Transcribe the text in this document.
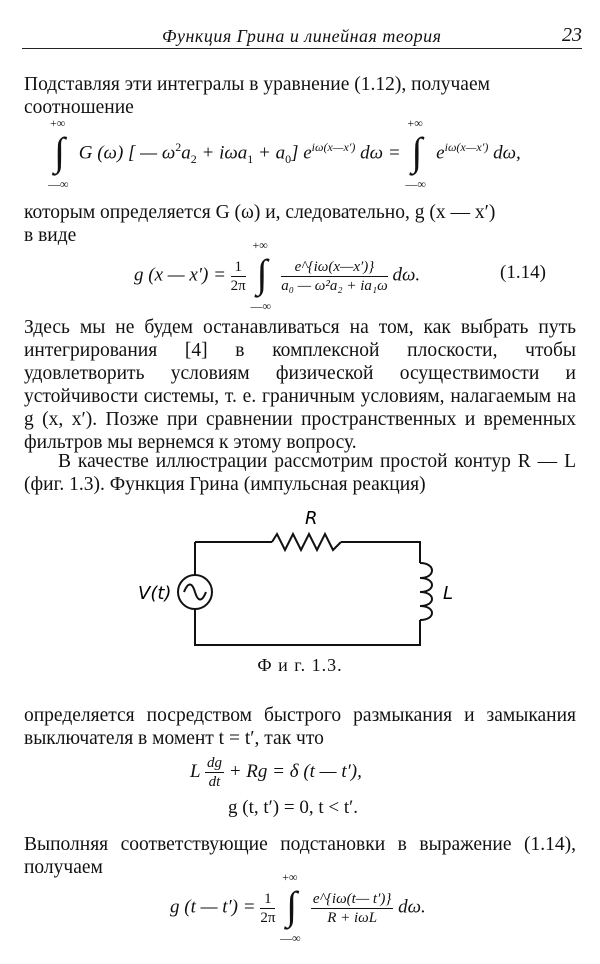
Функция Грина и линейная теория	23
Подставляя эти интегралы в уравнение (1.12), получаем
соотношение
+∞
∫
—∞
G (ω) [ — $\omega^2a_2 + i\omega a_1 + a_0$] $e^{i\omega(x—x')}$ dω =
+∞
∫
—∞
$e^{i\omega(x—x')}$ dω,
которым определяется G (ω) и, следовательно, g (x — x′)
в виде
g (x — $x') = \frac{1}{2\pi}$

+∞
∫
—∞

$\frac{e\^{}\{i\omega(x—x')\}}{\text{a₀ — ω²a₂ + ia₁ω}} d\omega$.	(1.14)

Здесь мы не будем останавливаться на том, как выбрать путь интегрирования [4] в комплексной плоскости, чтобы удовлетворить условиям физической осуществимости и устойчивости системы, т. е. граничным условиям, налагаемым на g (x, x′). Позже при сравнении пространственных и временных фильтров мы вернемся к этому вопросу.

В качестве иллюстрации рассмотрим простой контур R — L (фиг. 1.3). Функция Грина (импульсная реакция)

R
L
V(t)
Ф и г. 1.3.

определяется посредством быстрого размыкания и замыкания выключателя в момент t = t′, так что

L $\frac{dg}{dt} + Rg = \delta$ (t — t′),
g (t, t′) = 0, t < t′.

Выполняя соответствующие подстановки в выражение (1.14), получаем

g (t — $t') = \frac{1}{2\pi}$

+∞
∫
—∞

$\frac{e\^{}\{i\omega(t— t')\}}{\text{R + iωL}} d\omega$.
